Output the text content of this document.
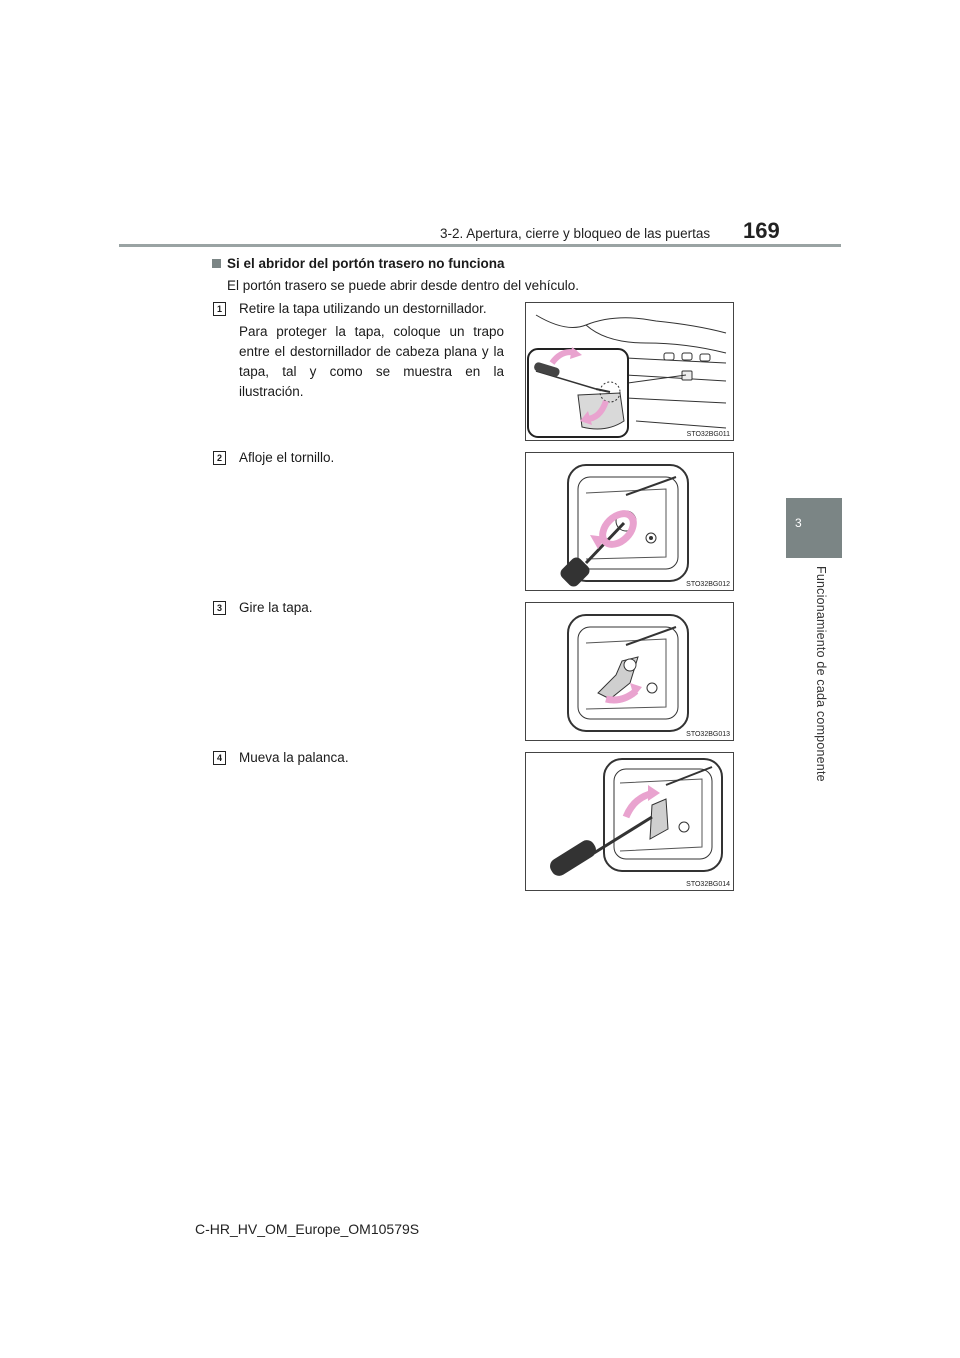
3-2. Apertura, cierre y bloqueo de las puertas 169
3
Funcionamiento de cada componente
Si el abridor del portón trasero no funciona
El portón trasero se puede abrir desde dentro del vehículo.
1 Retire la tapa utilizando un destornillador.
Para proteger la tapa, coloque un trapo entre el destornillador de cabeza plana y la tapa, tal y como se muestra en la ilustración.
STO32BG011
2 Afloje el tornillo.
STO32BG012
3 Gire la tapa.
STO32BG013
4 Mueva la palanca.
STO32BG014
C-HR_HV_OM_Europe_OM10579S
